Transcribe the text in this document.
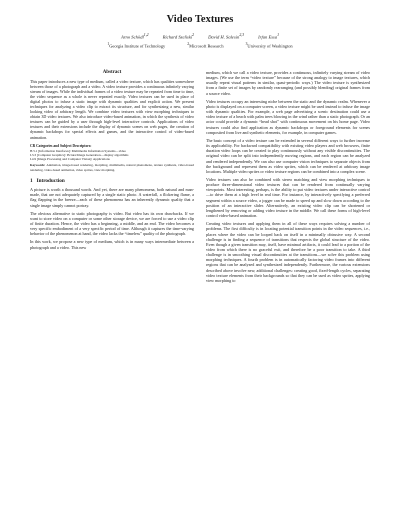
Video Textures
Arno Schödl$^{1,2}$	Richard Szeliski$^2$	David H. Salesin$^{2,3}$	Irfan Essa$^1$
$^1$Georgia Institute of Technology	$^2$Microsoft Research	$^3$University of Washington
Abstract

This paper introduces a new type of medium, called a video texture, which has qualities somewhere between those of a photograph and a video. A video texture provides a continuous infinitely varying stream of images. While the individual frames of a video texture may be repeated from time to time, the video sequence as a whole is never repeated exactly. Video textures can be used in place of digital photos to infuse a static image with dynamic qualities and explicit action. We present techniques for analyzing a video clip to extract its structure, and for synthesizing a new, similar looking video of arbitrary length. We combine video textures with view morphing techniques to obtain 3D video textures. We also introduce video-based animation, in which the synthesis of video textures can be guided by a user through high-level interactive controls. Applications of video textures and their extensions include the display of dynamic scenes on web pages, the creation of dynamic backdrops for special effects and games, and the interactive control of video-based animation.

CR Categories and Subject Descriptors:
H.5.1 [Information Interfaces]: Multimedia Information Systems—video
I.3.3 [Computer Graphics]: Picture/Image Generation—display algorithms
I.4.9 [Image Processing and Computer Vision]: Applications
Keywords: Animation, image-based rendering, morphing, multimedia, natural phenomena, texture synthesis, video-based rendering, video-based animation, video sprites, view morphing.
1 Introduction

A picture is worth a thousand words. And yet, there are many phenomena, both natural and man-made, that are not adequately captured by a single static photo. A waterfall, a flickering flame, a flag flapping in the breeze—each of these phenomena has an inherently dynamic quality that a single image simply cannot portray.

The obvious alternative to static photography is video. But video has its own drawbacks. If we want to store video on a computer or some other storage device, we are forced to use a video clip of finite duration. Hence, the video has a beginning, a middle, and an end. The video becomes a very specific embodiment of a very specific period of time. Although it captures the time-varying behavior of the phenomenon at hand, the video lacks the “timeless” quality of the photograph.

In this work, we propose a new type of medium, which is in many ways intermediate between a photograph and a video. This new

medium, which we call a video texture, provides a continuous, infinitely varying stream of video images. (We use the term “video texture” because of the strong analogy to image textures, which usually repeat visual patterns in similar, quasi-periodic ways.) The video texture is synthesized from a finite set of images by randomly rearranging (and possibly blending) original frames from a source video.

Video textures occupy an interesting niche between the static and the dynamic realm. Whenever a photo is displayed on a computer screen, a video texture might be used instead to infuse the image with dynamic qualities. For example, a web page advertising a scenic destination could use a video texture of a beach with palm trees blowing in the wind rather than a static photograph. Or an actor could provide a dynamic “head shot” with continuous movement on his home page. Video textures could also find application as dynamic backdrops or foreground elements for scenes composited from live and synthetic elements, for example, in computer games.

The basic concept of a video texture can be extended in several different ways to further increase its applicability. For backward compatibility with existing video players and web browsers, finite duration video loops can be created to play continuously without any visible discontinuities. The original video can be split into independently moving regions, and each region can be analyzed and rendered independently. We can also use computer vision techniques to separate objects from the background and represent them as video sprites, which can be rendered at arbitrary image locations. Multiple video sprites or video texture regions can be combined into a complex scene.

Video textures can also be combined with stereo matching and view morphing techniques to produce three-dimensional video textures that can be rendered from continually varying viewpoints. Most interesting, perhaps, is the ability to put video textures under interactive control—to drive them at a high level in real time. For instance, by interactively specifying a preferred segment within a source video, a jogger can be made to speed up and slow down according to the position of an interactive slider. Alternatively, an existing video clip can be shortened or lengthened by removing or adding video texture in the middle. We call these forms of high-level control video-based animation.

Creating video textures and applying them in all of these ways requires solving a number of problems. The first difficulty is in locating potential transition points in the video sequences, i.e., places where the video can be looped back on itself in a minimally obtrusive way. A second challenge is in finding a sequence of transitions that respects the global structure of the video. Even though a given transition may, itself, have minimal artifacts, it could lead to a portion of the video from which there is no graceful exit, and therefore be a poor transition to take. A third challenge is in smoothing visual discontinuities at the transitions—we solve this problem using morphing techniques. A fourth problem is in automatically factoring video frames into different regions that can be analyzed and synthesized independently. Furthermore, the various extensions described above involve new, additional challenges: creating good, fixed-length cycles, separating video texture elements from their backgrounds so that they can be used as video sprites, applying view morphing to
